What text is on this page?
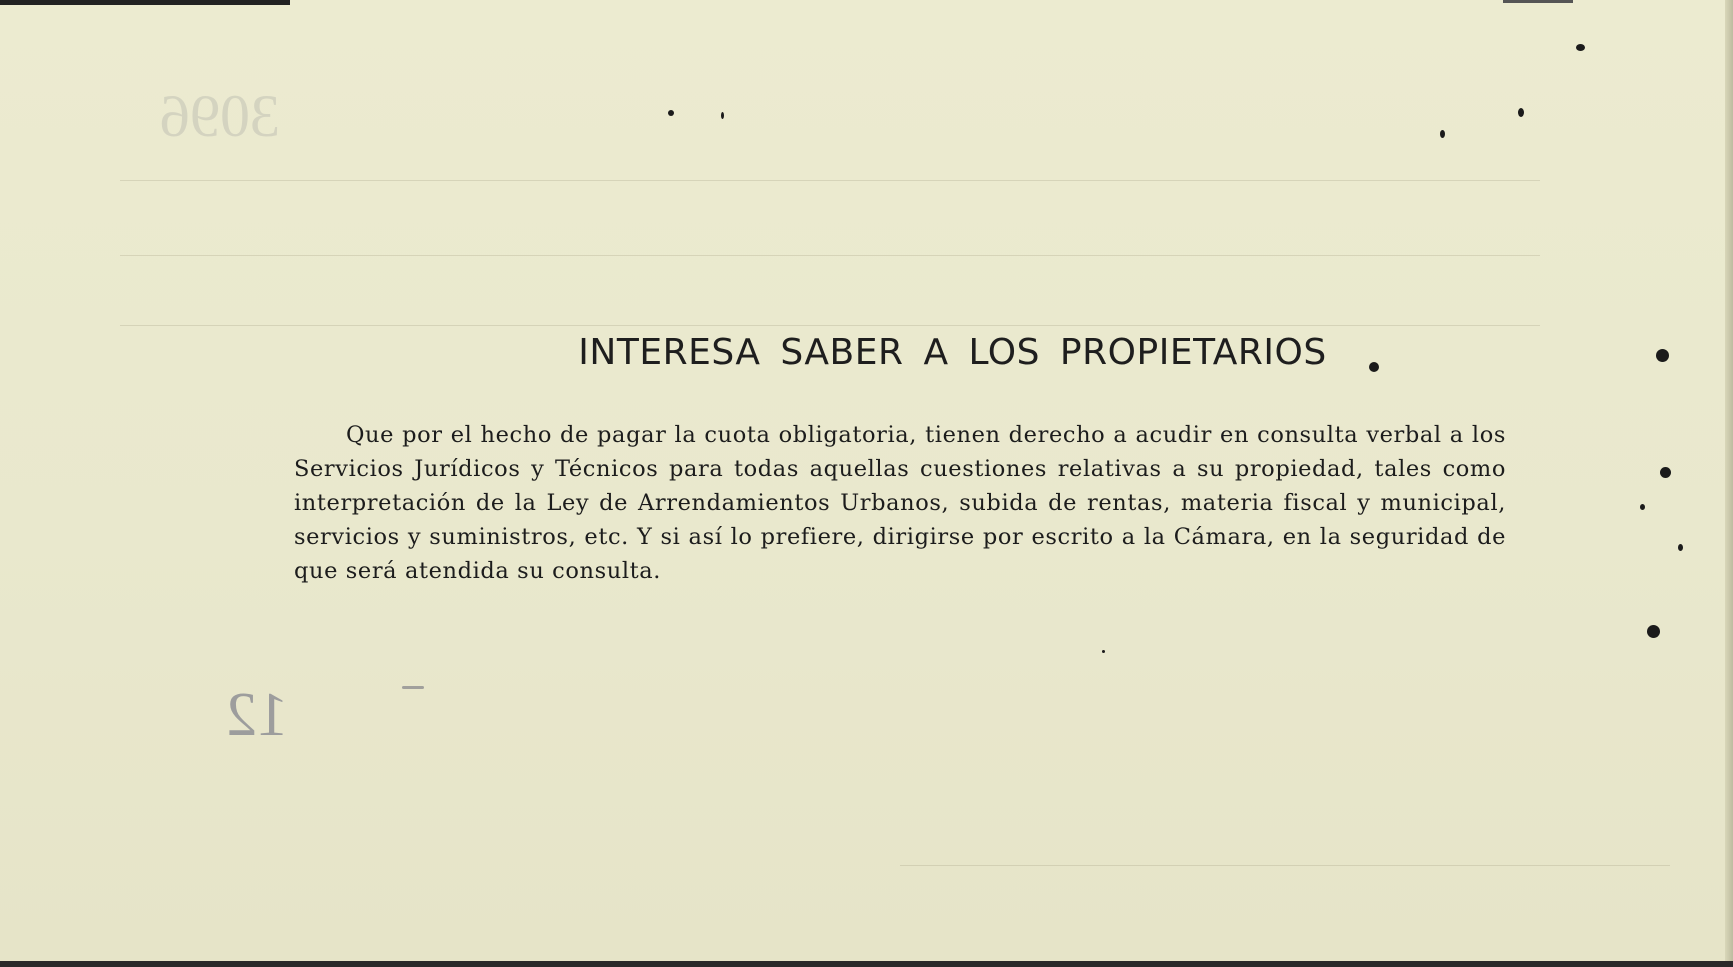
3096
INTERESA SABER A LOS PROPIETARIOS

Que por el hecho de pagar la cuota obligatoria, tienen derecho a acudir en consulta verbal a los Servicios Jurídicos y Técnicos para todas aquellas cuestiones relativas a su propiedad, tales como interpretación de la Ley de Arrendamientos Urbanos, subida de rentas, materia fiscal y municipal, servicios y suministros, etc. Y si así lo prefiere, dirigirse por escrito a la Cámara, en la seguridad de que será atendida su consulta.

12
